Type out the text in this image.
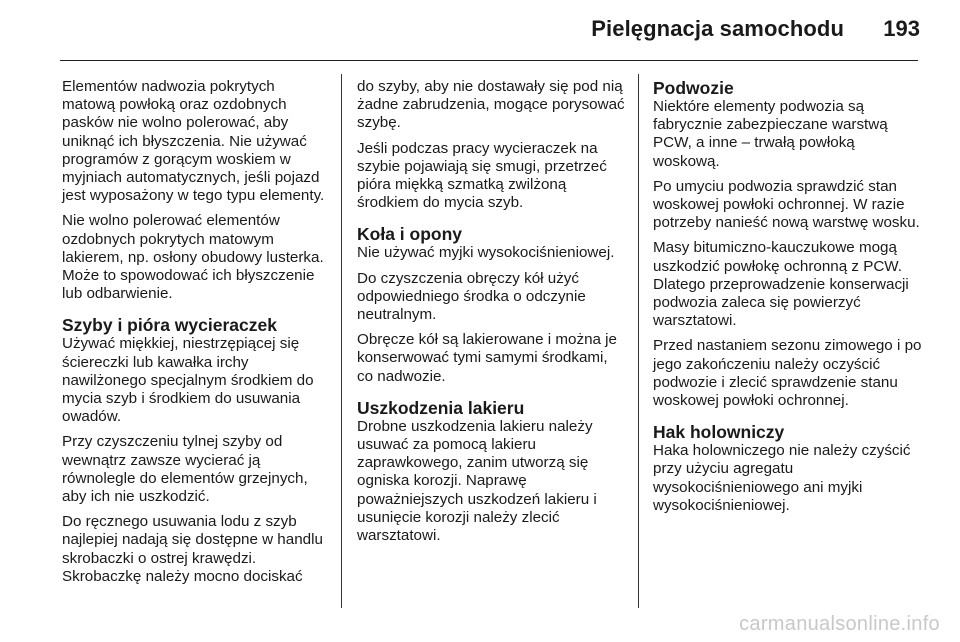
Pielęgnacja samochodu 193

Elementów nadwozia pokrytych matową powłoką oraz ozdobnych pasków nie wolno polerować, aby uniknąć ich błyszczenia. Nie używać programów z gorącym woskiem w myjniach automatycznych, jeśli pojazd jest wyposażony w tego typu elementy.

Nie wolno polerować elementów ozdobnych pokrytych matowym lakierem, np. osłony obudowy lusterka. Może to spowodować ich błyszczenie lub odbarwienie.

Szyby i pióra wycieraczek

Używać miękkiej, niestrzępiącej się ściereczki lub kawałka irchy nawilżonego specjalnym środkiem do mycia szyb i środkiem do usuwania owadów.

Przy czyszczeniu tylnej szyby od wewnątrz zawsze wycierać ją równolegle do elementów grzejnych, aby ich nie uszkodzić.

Do ręcznego usuwania lodu z szyb najlepiej nadają się dostępne w handlu skrobaczki o ostrej krawędzi. Skrobaczkę należy mocno dociskać

do szyby, aby nie dostawały się pod nią żadne zabrudzenia, mogące porysować szybę.

Jeśli podczas pracy wycieraczek na szybie pojawiają się smugi, przetrzeć pióra miękką szmatką zwilżoną środkiem do mycia szyb.

Koła i opony

Nie używać myjki wysokociśnieniowej.

Do czyszczenia obręczy kół użyć odpowiedniego środka o odczynie neutralnym.

Obręcze kół są lakierowane i można je konserwować tymi samymi środkami, co nadwozie.

Uszkodzenia lakieru

Drobne uszkodzenia lakieru należy usuwać za pomocą lakieru zaprawkowego, zanim utworzą się ogniska korozji. Naprawę poważniejszych uszkodzeń lakieru i usunięcie korozji należy zlecić warsztatowi.

Podwozie

Niektóre elementy podwozia są fabrycznie zabezpieczane warstwą PCW, a inne – trwałą powłoką woskową.

Po umyciu podwozia sprawdzić stan woskowej powłoki ochronnej. W razie potrzeby nanieść nową warstwę wosku.

Masy bitumiczno-kauczukowe mogą uszkodzić powłokę ochronną z PCW. Dlatego przeprowadzenie konserwacji podwozia zaleca się powierzyć warsztatowi.

Przed nastaniem sezonu zimowego i po jego zakończeniu należy oczyścić podwozie i zlecić sprawdzenie stanu woskowej powłoki ochronnej.

Hak holowniczy

Haka holowniczego nie należy czyścić przy użyciu agregatu wysokociśnieniowego ani myjki wysokociśnieniowej.

carmanualsonline.info
